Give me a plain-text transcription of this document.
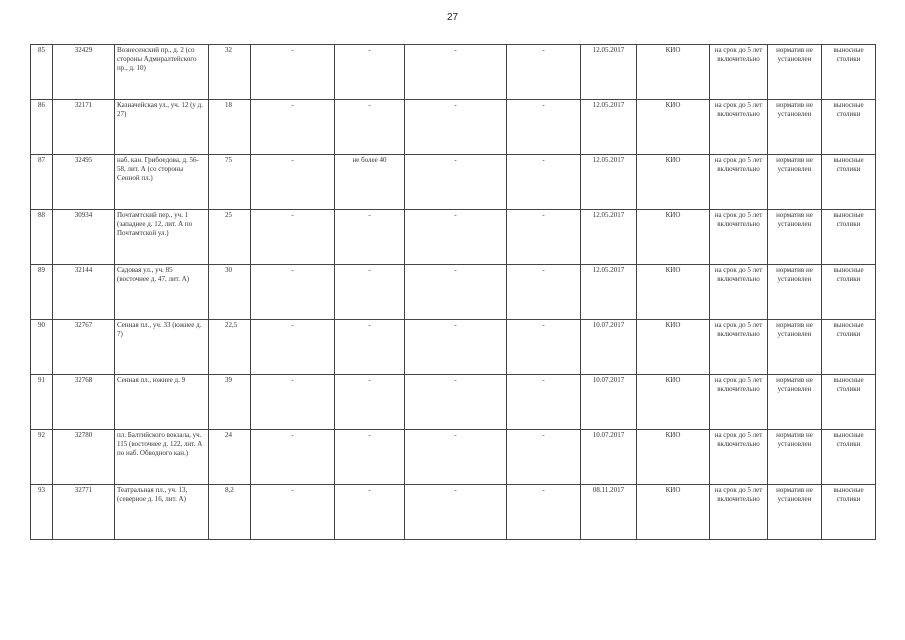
27
85	32429	Вознесенский пр., д. 2 (со стороны Адмиралтейского пр., д. 10)	32	-	-	-	-	12.05.2017	КИО	на срок до 5 лет включительно	норматив не установлен	выносные столики
86	32171	Казначейская ул., уч. 12 (у д. 27)	18	-	-	-	-	12.05.2017	КИО	на срок до 5 лет включительно	норматив не установлен	выносные столики
87	32495	наб. кан. Грибоедова, д. 56-58, лит. А (со стороны Сенной пл.)	75	-	не более 40	-	-	12.05.2017	КИО	на срок до 5 лет включительно	норматив не установлен	выносные столики
88	30934	Почтамтский пер., уч. 1 (западнее д. 12, лит. А по Почтамтской ул.)	25	-	-	-	-	12.05.2017	КИО	на срок до 5 лет включительно	норматив не установлен	выносные столики
89	32144	Садовая ул., уч. 85 (восточнее д. 47, лит. А)	30	-	-	-	-	12.05.2017	КИО	на срок до 5 лет включительно	норматив не установлен	выносные столики
90	32767	Сенная пл., уч. 33 (южнее д. 7)	22,5	-	-	-	-	10.07.2017	КИО	на срок до 5 лет включительно	норматив не установлен	выносные столики
91	32768	Сенная пл., южнее д. 9	39	-	-	-	-	10.07.2017	КИО	на срок до 5 лет включительно	норматив не установлен	выносные столики
92	32780	пл. Балтийского вокзала, уч. 115 (восточнее д. 122, лит. А по наб. Обводного кан.)	24	-	-	-	-	10.07.2017	КИО	на срок до 5 лет включительно	норматив не установлен	выносные столики
93	32771	Театральная пл., уч. 13, (северное д. 16, лит. А)	8,2	-	-	-	-	08.11.2017	КИО	на срок до 5 лет включительно	норматив не установлен	выносные столики
